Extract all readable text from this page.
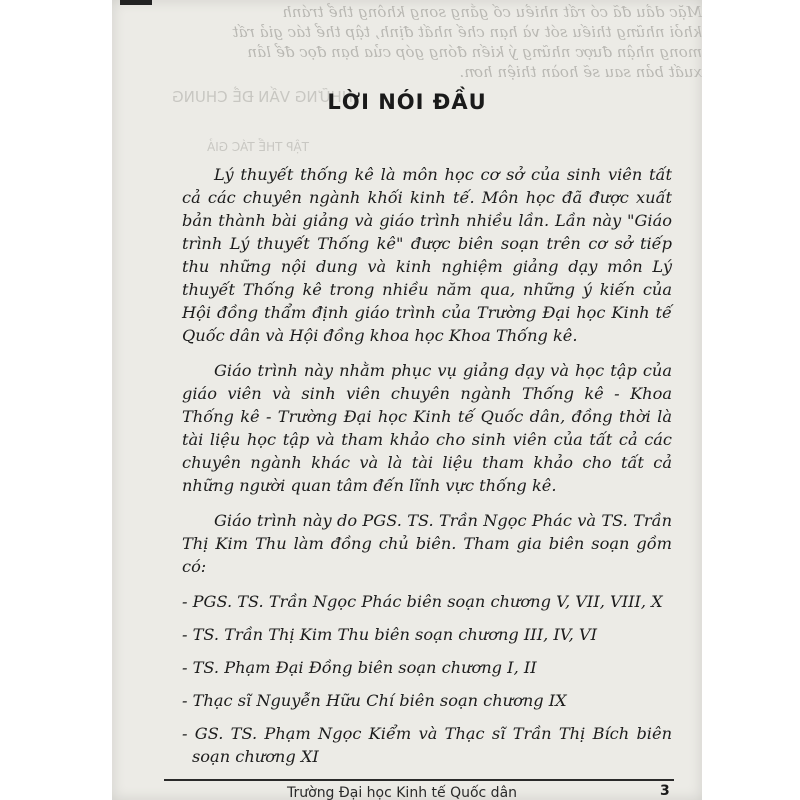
Mặc dầu đã có rất nhiều cố gắng song không thể tránh
khỏi những thiếu sót và hạn chế nhất định, tập thể tác giả rất
mong nhận được những ý kiến đóng góp của bạn đọc để lần
xuất bản sau sẽ hoàn thiện hơn.
NHỮNG VẤN ĐỀ CHUNG
TẬP THỂ TÁC GIẢ
LỜI NÓI ĐẦU

Lý thuyết thống kê là môn học cơ sở của sinh viên tất cả các chuyên ngành khối kinh tế. Môn học đã được xuất bản thành bài giảng và giáo trình nhiều lần. Lần này "Giáo trình Lý thuyết Thống kê" được biên soạn trên cơ sở tiếp thu những nội dung và kinh nghiệm giảng dạy môn Lý thuyết Thống kê trong nhiều năm qua, những ý kiến của Hội đồng thẩm định giáo trình của Trường Đại học Kinh tế Quốc dân và Hội đồng khoa học Khoa Thống kê.

Giáo trình này nhằm phục vụ giảng dạy và học tập của giáo viên và sinh viên chuyên ngành Thống kê - Khoa Thống kê - Trường Đại học Kinh tế Quốc dân, đồng thời là tài liệu học tập và tham khảo cho sinh viên của tất cả các chuyên ngành khác và là tài liệu tham khảo cho tất cả những người quan tâm đến lĩnh vực thống kê.

Giáo trình này do PGS. TS. Trần Ngọc Phác và TS. Trần Thị Kim Thu làm đồng chủ biên. Tham gia biên soạn gồm có:

- PGS. TS. Trần Ngọc Phác biên soạn chương V, VII, VIII, X
- TS. Trần Thị Kim Thu biên soạn chương III, IV, VI
- TS. Phạm Đại Đồng biên soạn chương I, II
- Thạc sĩ Nguyễn Hữu Chí biên soạn chương IX
- GS. TS. Phạm Ngọc Kiểm và Thạc sĩ Trần Thị Bích biên soạn chương XI
Trường Đại học Kinh tế Quốc dân	3
